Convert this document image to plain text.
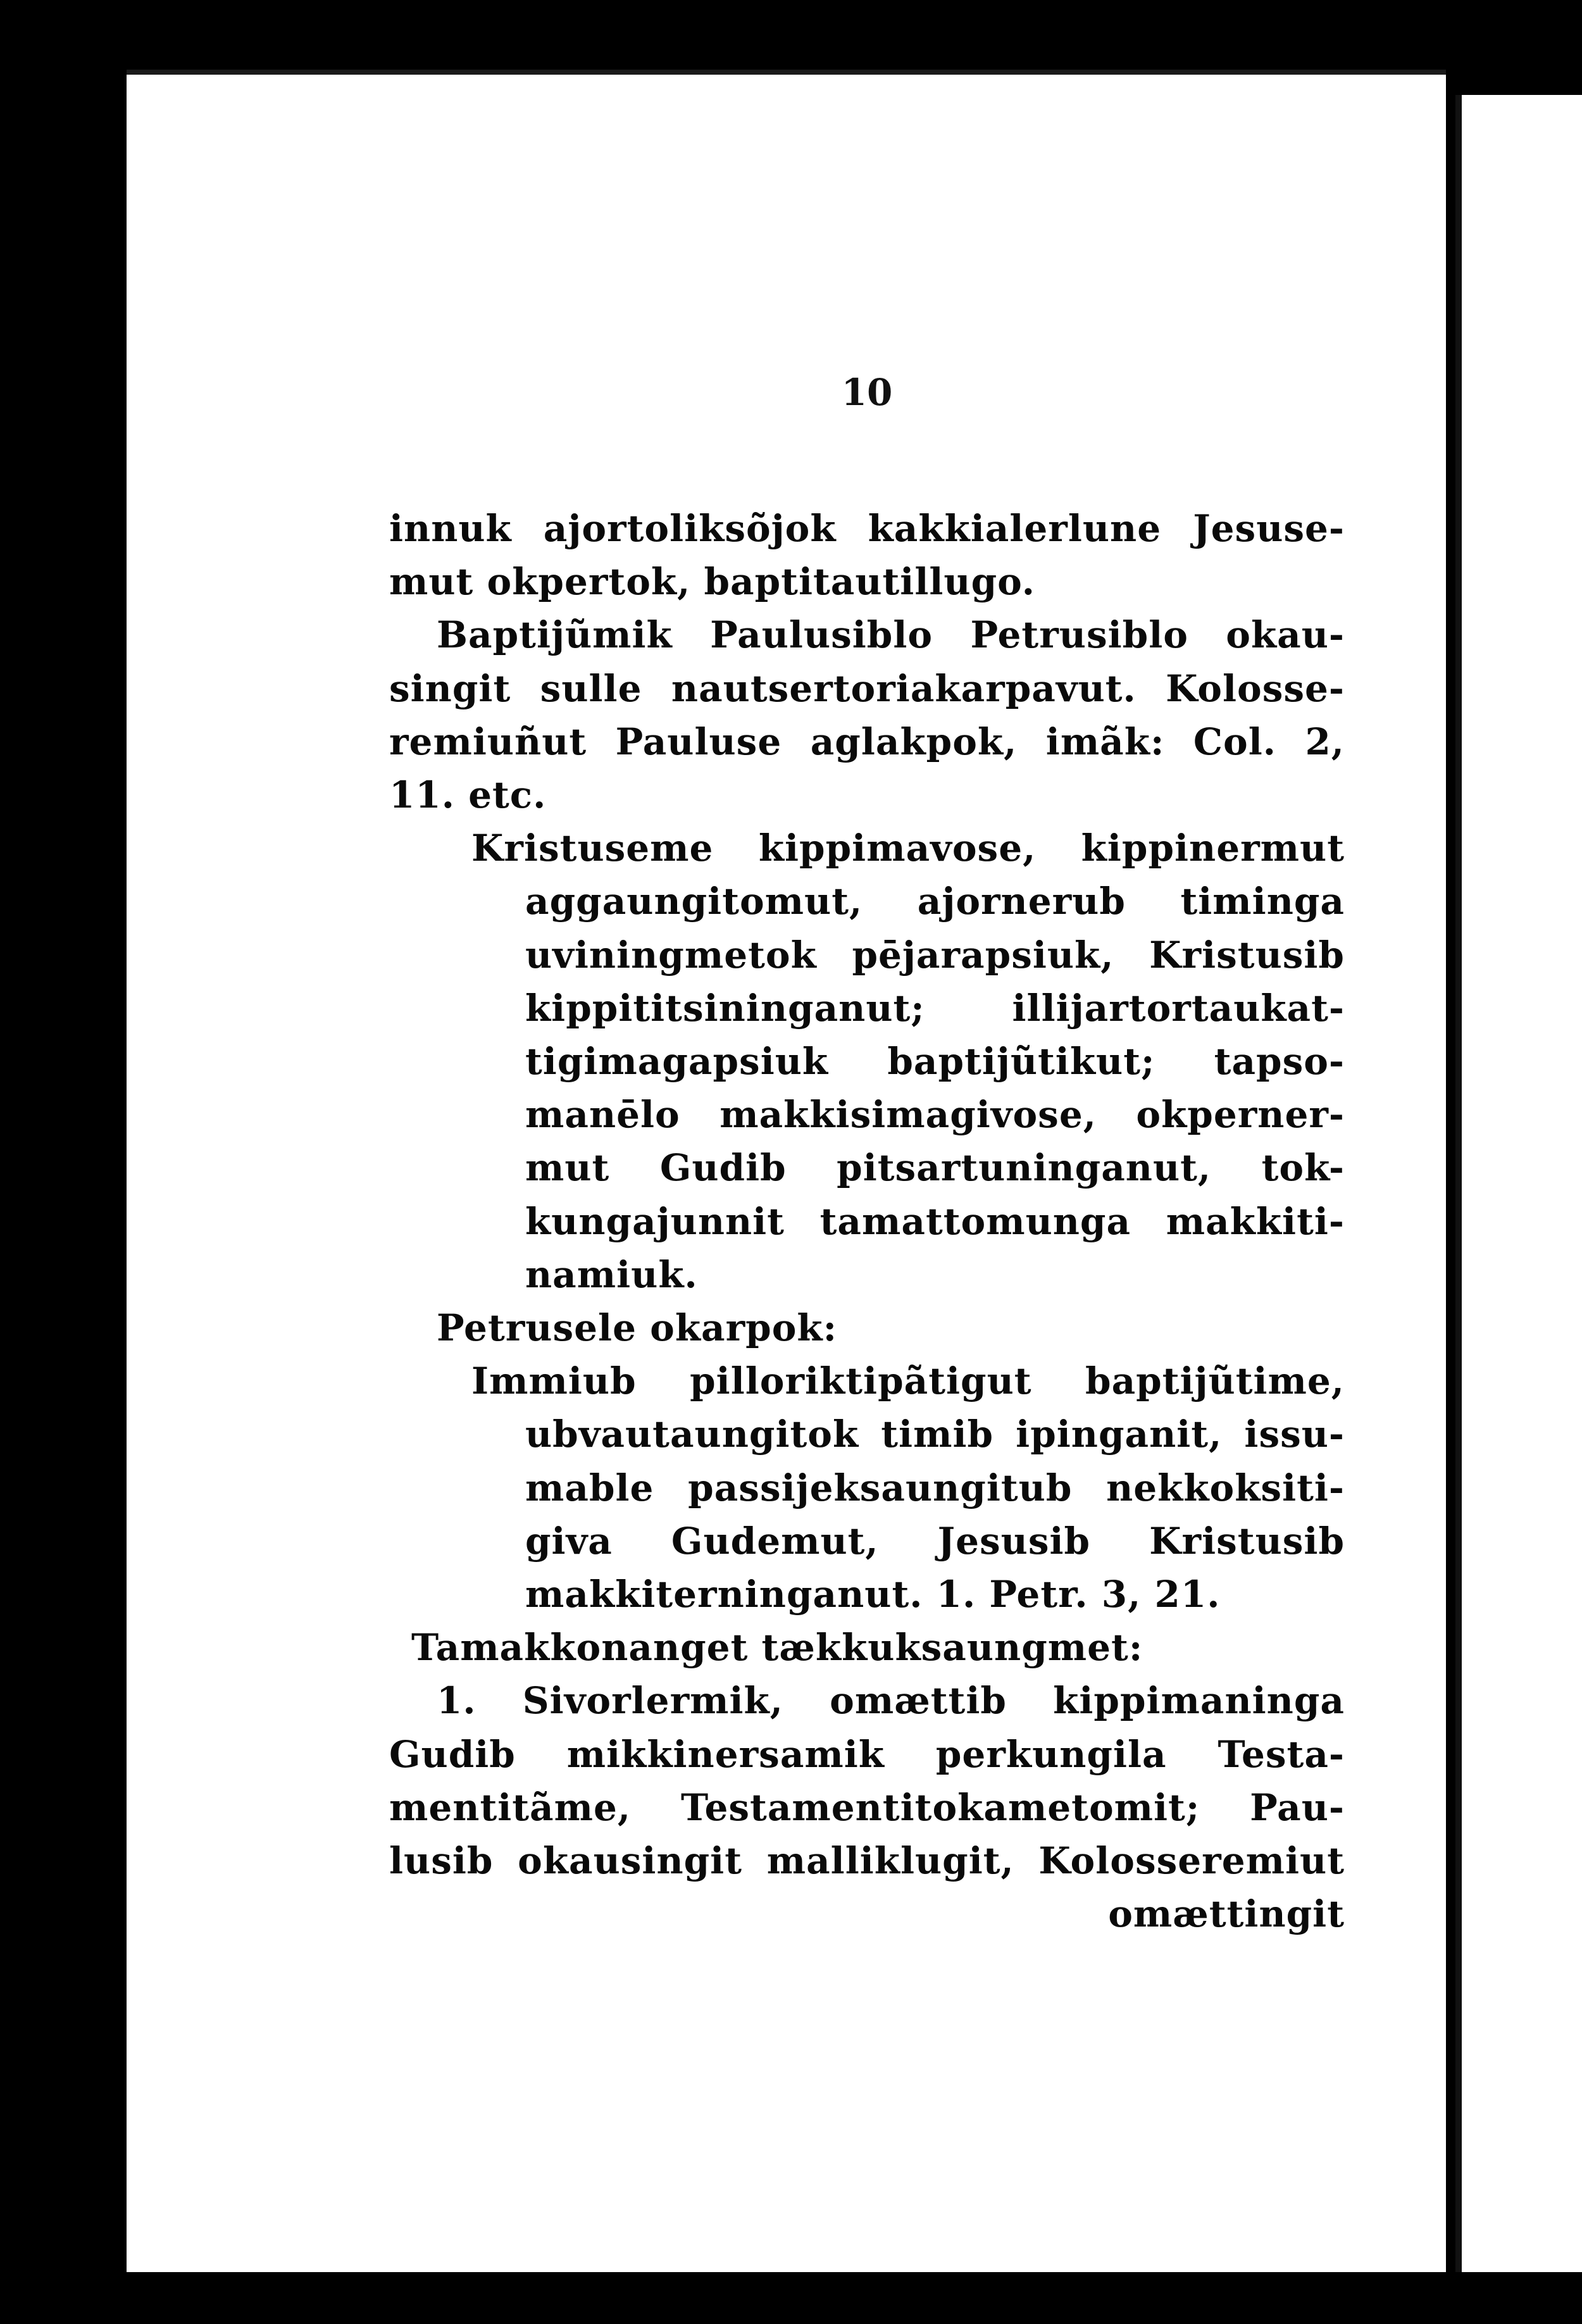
10
innuk ajortoliksõjok kakkialerlune Jesuse-
mut okpertok, baptitautillugo.
Baptijũmik Paulusiblo Petrusiblo okau-
singit sulle nautsertoriakarpavut. Kolosse-
remiuñut Pauluse aglakpok, imãk: Col. 2,
11. etc.
Kristuseme kippimavose, kippinermut
aggaungitomut, ajornerub timinga
uviningmetok pējarapsiuk, Kristusib
kippititsininganut; illijartortaukat-
tigimagapsiuk baptijũtikut; tapso-
manēlo makkisimagivose, okperner-
mut Gudib pitsartuninganut, tok-
kungajunnit tamattomunga makkiti-
namiuk.
Petrusele okarpok:
Immiub pilloriktipãtigut baptijũtime,
ubvautaungitok timib ipinganit, issu-
mable passijeksaungitub nekkoksiti-
giva Gudemut, Jesusib Kristusib
makkiterninganut. 1. Petr. 3, 21.
Tamakkonanget tækkuksaungmet:
1. Sivorlermik, omættib kippimaninga
Gudib mikkinersamik perkungila Testa-
mentitãme, Testamentitokametomit; Pau-
lusib okausingit malliklugit, Kolosseremiut
omættingit
